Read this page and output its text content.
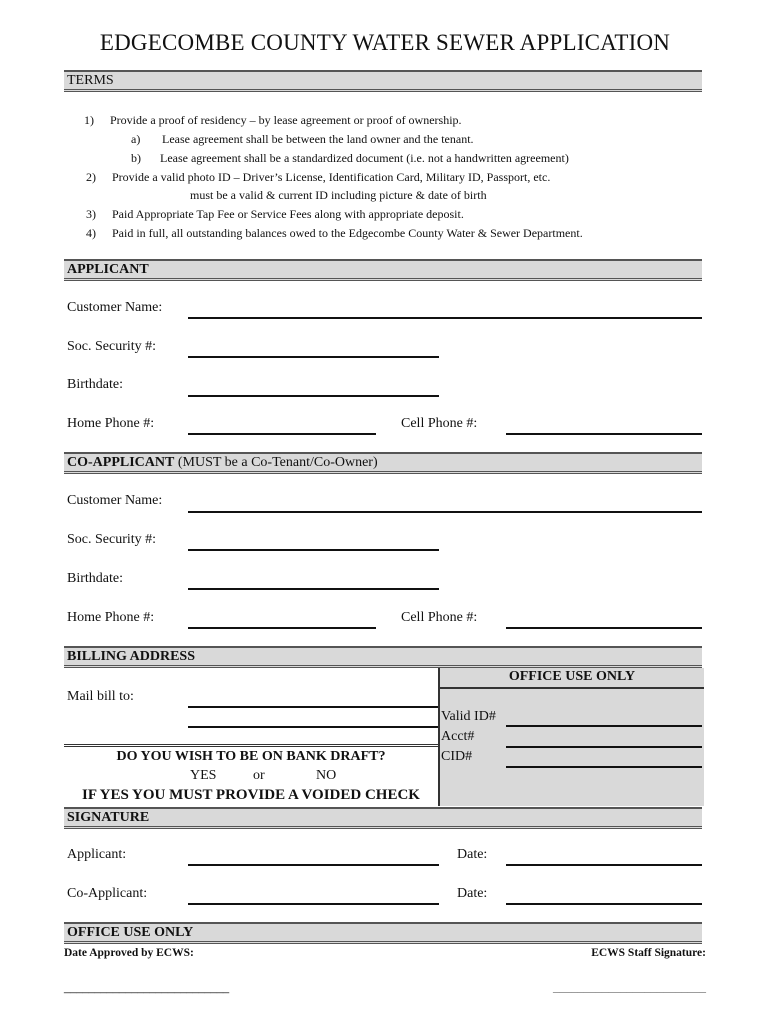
EDGECOMBE COUNTY WATER SEWER APPLICATION
TERMS
1) Provide a proof of residency – by lease agreement or proof of ownership.
a) Lease agreement shall be between the land owner and the tenant.
b) Lease agreement shall be a standardized document (i.e. not a handwritten agreement)
2) Provide a valid photo ID – Driver’s License, Identification Card, Military ID, Passport, etc.
must be a valid & current ID including picture & date of birth
3) Paid Appropriate Tap Fee or Service Fees along with appropriate deposit.
4) Paid in full, all outstanding balances owed to the Edgecombe County Water & Sewer Department.
APPLICANT
Customer Name:
Soc. Security #:
Birthdate:
Home Phone #:	Cell Phone #:
CO-APPLICANT (MUST be a Co-Tenant/Co-Owner)
Customer Name:
Soc. Security #:
Birthdate:
Home Phone #:	Cell Phone #:
BILLING ADDRESS
OFFICE USE ONLY
Valid ID#
Acct#
CID#
Mail bill to:
DO YOU WISH TO BE ON BANK DRAFT?
YES	or	NO
IF YES YOU MUST PROVIDE A VOIDED CHECK
SIGNATURE
Applicant:	Date:
Co-Applicant:	Date:
OFFICE USE ONLY
Date Approved by ECWS:	ECWS Staff Signature:
___________________________	_________________________
